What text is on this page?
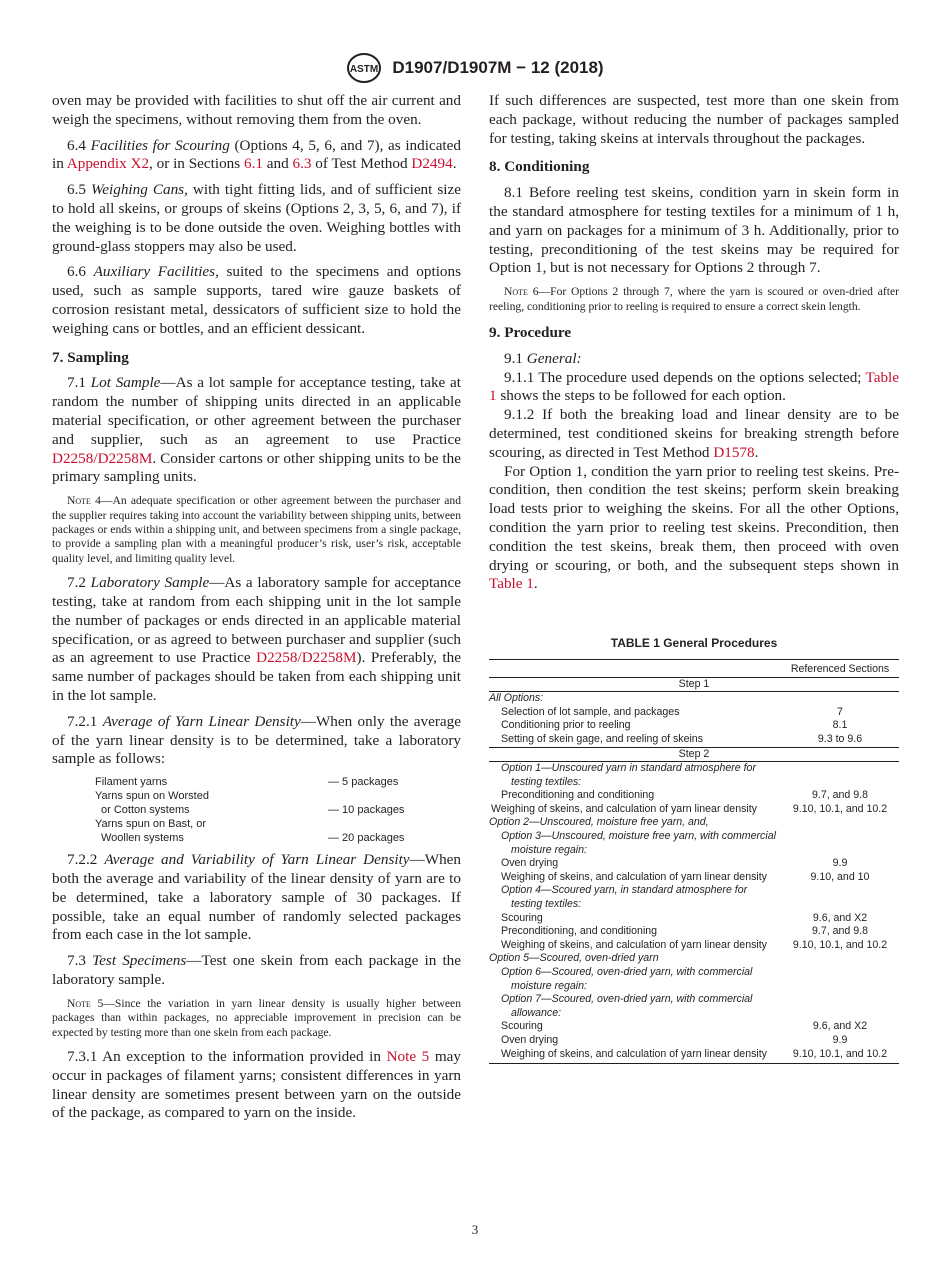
ASTM D1907/D1907M − 12 (2018)

oven may be provided with facilities to shut off the air current and weigh the specimens, without removing them from the oven.

6.4 Facilities for Scouring (Options 4, 5, 6, and 7), as indicated in Appendix X2, or in Sections 6.1 and 6.3 of Test Method D2494.

6.5 Weighing Cans, with tight fitting lids, and of sufficient size to hold all skeins, or groups of skeins (Options 2, 3, 5, 6, and 7), if the weighing is to be done outside the oven. Weighing bottles with ground-glass stoppers may also be used.

6.6 Auxiliary Facilities, suited to the specimens and options used, such as sample supports, tared wire gauze baskets of corrosion resistant metal, dessicators of sufficient size to hold the weighing cans or bottles, and an efficient dessicant.

7. Sampling

7.1 Lot Sample—As a lot sample for acceptance testing, take at random the number of shipping units directed in an applicable material specification, or other agreement between the purchaser and supplier, such as an agreement to use Practice D2258/D2258M. Consider cartons or other shipping units to be the primary sampling units.

Note 4—An adequate specification or other agreement between the purchaser and the supplier requires taking into account the variability between shipping units, between packages or ends within a shipping unit, and between specimens from a single package, to provide a sampling plan with a meaningful producer’s risk, user’s risk, acceptable quality level, and limiting quality level.

7.2 Laboratory Sample—As a laboratory sample for acceptance testing, take at random from each shipping unit in the lot sample the number of packages or ends directed in an applicable material specification, or as agreed to between purchaser and supplier (such as an agreement to use Practice D2258/D2258M). Preferably, the same number of packages should be taken from each shipping unit in the lot sample.

7.2.1 Average of Yarn Linear Density—When only the average of the yarn linear density is to be determined, take a laboratory sample as follows:

Filament yarns	— 5 packages
Yarns spun on Worsted
or Cotton systems	— 10 packages
Yarns spun on Bast, or
Woollen systems	— 20 packages

7.2.2 Average and Variability of Yarn Linear Density—When both the average and variability of the linear density of yarn are to be determined, take a laboratory sample of 30 packages. If possible, take an equal number of randomly selected packages from each case in the lot sample.

7.3 Test Specimens—Test one skein from each package in the laboratory sample.

Note 5—Since the variation in yarn linear density is usually higher between packages than within packages, no appreciable improvement in precision can be expected by testing more than one skein from each package.

7.3.1 An exception to the information provided in Note 5 may occur in packages of filament yarns; consistent differences in yarn linear density are sometimes present between yarn on the outside of the package, as compared to yarn on the inside.

If such differences are suspected, test more than one skein from each package, without reducing the number of packages sampled for testing, taking skeins at intervals throughout the packages.

8. Conditioning

8.1 Before reeling test skeins, condition yarn in skein form in the standard atmosphere for testing textiles for a minimum of 1 h, and yarn on packages for a minimum of 3 h. Additionally, prior to testing, preconditioning of the test skeins may be required for Option 1, but is not necessary for Options 2 through 7.

Note 6—For Options 2 through 7, where the yarn is scoured or oven-dried after reeling, conditioning prior to reeling is required to ensure a correct skein length.

9. Procedure

9.1 General:

9.1.1 The procedure used depends on the options selected; Table 1 shows the steps to be followed for each option.

9.1.2 If both the breaking load and linear density are to be determined, test conditioned skeins for breaking strength before scouring, as directed in Test Method D1578.

For Option 1, condition the yarn prior to reeling test skeins. Pre-condition, then condition the test skeins; perform skein breaking load tests prior to weighing the skeins. For all the other Options, condition the yarn prior to reeling test skeins. Precondition, then condition the test skeins, break them, then proceed with oven drying or scouring, or both, and the subsequent steps shown in Table 1.

TABLE 1 General Procedures
	Referenced Sections
Step 1	
All Options:	
Selection of lot sample, and packages	7
Conditioning prior to reeling	8.1
Setting of skein gage, and reeling of skeins	9.3 to 9.6
Step 2	
Option 1—Unscoured yarn in standard atmosphere for testing textiles:	
Preconditioning and conditioning	9.7, and 9.8
Weighing of skeins, and calculation of yarn linear density	9.10, 10.1, and 10.2
Option 2—Unscoured, moisture free yarn, and,	
Option 3—Unscoured, moisture free yarn, with commercial moisture regain:	
Oven drying	9.9
Weighing of skeins, and calculation of yarn linear density	9.10, and 10
Option 4—Scoured yarn, in standard atmosphere for testing textiles:	
Scouring	9.6, and X2
Preconditioning, and conditioning	9.7, and 9.8
Weighing of skeins, and calculation of yarn linear density	9.10, 10.1, and 10.2
Option 5—Scoured, oven-dried yarn	
Option 6—Scoured, oven-dried yarn, with commercial moisture regain:	
Option 7—Scoured, oven-dried yarn, with commercial allowance:	
Scouring	9.6, and X2
Oven drying	9.9
Weighing of skeins, and calculation of yarn linear density	9.10, 10.1, and 10.2
3
